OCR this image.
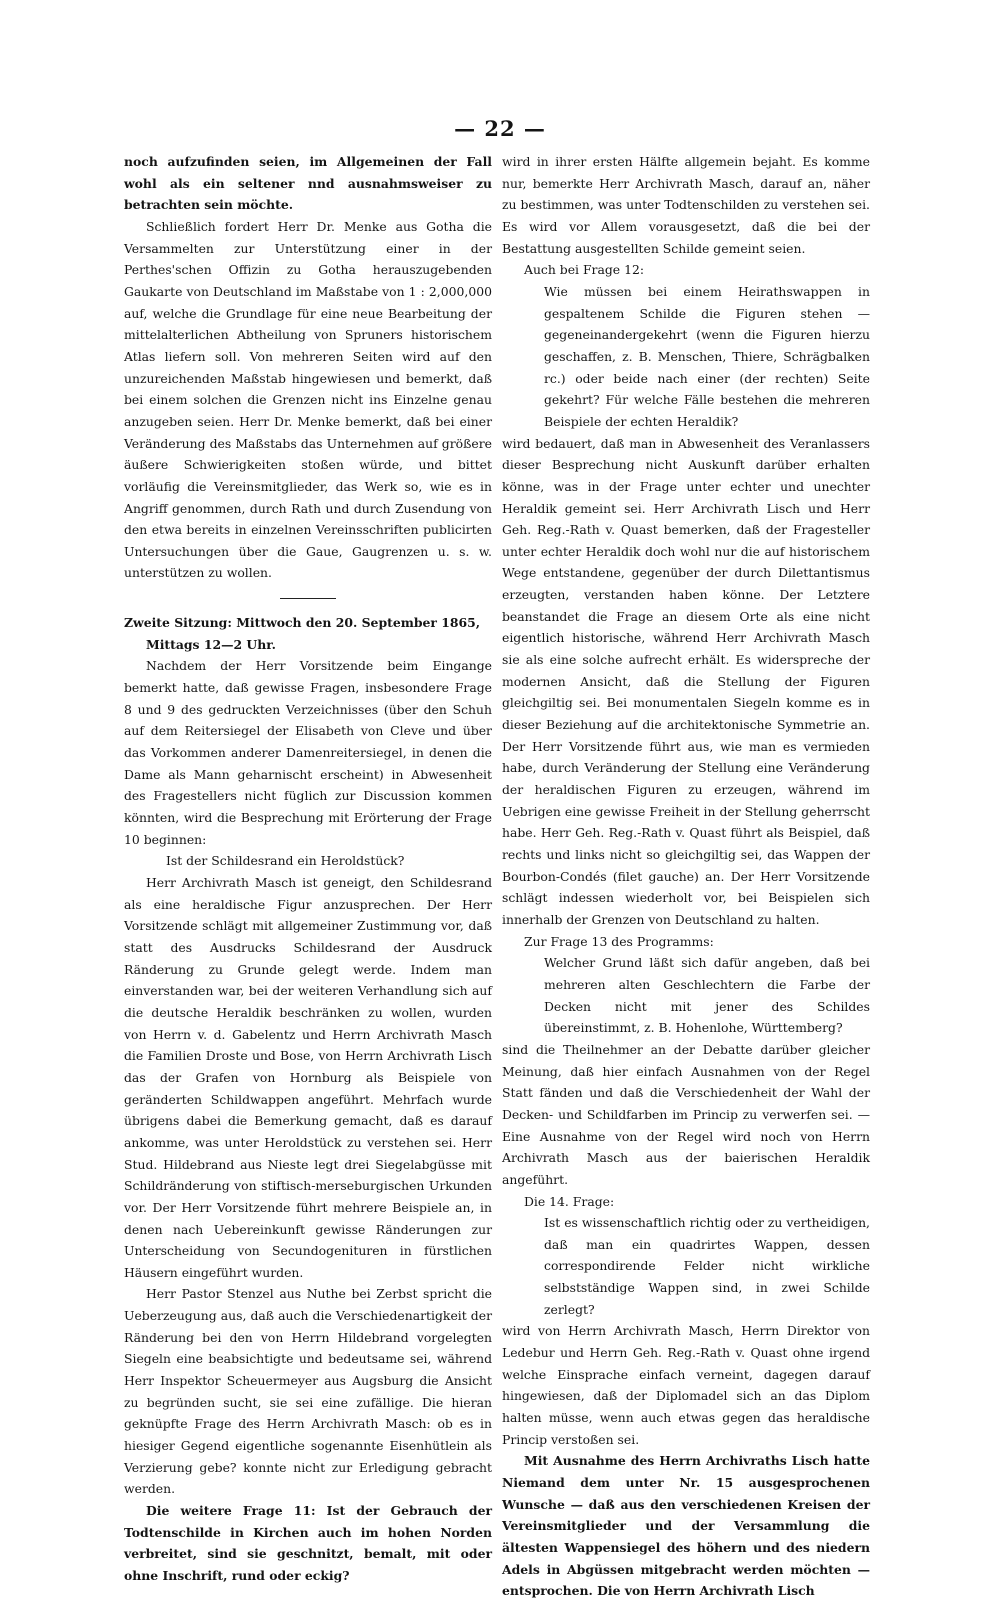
— 22 —

noch aufzufinden seien, im Allgemeinen der Fall wohl als ein seltener nnd ausnahmsweiser zu betrachten sein möchte.

Schließlich fordert Herr Dr. Menke aus Gotha die Versammelten zur Unterstützung einer in der Perthes'schen Offizin zu Gotha herauszugebenden Gaukarte von Deutschland im Maßstabe von 1 : 2,000,000 auf, welche die Grundlage für eine neue Bearbeitung der mittelalterlichen Abtheilung von Spruners historischem Atlas liefern soll. Von mehreren Seiten wird auf den unzureichenden Maßstab hingewiesen und bemerkt, daß bei einem solchen die Grenzen nicht ins Einzelne genau anzugeben seien. Herr Dr. Menke bemerkt, daß bei einer Veränderung des Maßstabs das Unternehmen auf größere äußere Schwierigkeiten stoßen würde, und bittet vorläufig die Vereinsmitglieder, das Werk so, wie es in Angriff genommen, durch Rath und durch Zusendung von den etwa bereits in einzelnen Vereinsschriften publicirten Untersuchungen über die Gaue, Gaugrenzen u. s. w. unterstützen zu wollen.

Zweite Sitzung: Mittwoch den 20. September 1865,

Mittags 12—2 Uhr.

Nachdem der Herr Vorsitzende beim Eingange bemerkt hatte, daß gewisse Fragen, insbesondere Frage 8 und 9 des gedruckten Verzeichnisses (über den Schuh auf dem Reitersiegel der Elisabeth von Cleve und über das Vorkommen anderer Damenreitersiegel, in denen die Dame als Mann geharnischt erscheint) in Abwesenheit des Fragestellers nicht füglich zur Discussion kommen könnten, wird die Besprechung mit Erörterung der Frage 10 beginnen:

Ist der Schildesrand ein Heroldstück?

Herr Archivrath Masch ist geneigt, den Schildesrand als eine heraldische Figur anzusprechen. Der Herr Vorsitzende schlägt mit allgemeiner Zustimmung vor, daß statt des Ausdrucks Schildesrand der Ausdruck Ränderung zu Grunde gelegt werde. Indem man einverstanden war, bei der weiteren Verhandlung sich auf die deutsche Heraldik beschränken zu wollen, wurden von Herrn v. d. Gabelentz und Herrn Archivrath Masch die Familien Droste und Bose, von Herrn Archivrath Lisch das der Grafen von Hornburg als Beispiele von geränderten Schildwappen angeführt. Mehrfach wurde übrigens dabei die Bemerkung gemacht, daß es darauf ankomme, was unter Heroldstück zu verstehen sei. Herr Stud. Hildebrand aus Nieste legt drei Siegelabgüsse mit Schildränderung von stiftisch-merseburgischen Urkunden vor. Der Herr Vorsitzende führt mehrere Beispiele an, in denen nach Uebereinkunft gewisse Ränderungen zur Unterscheidung von Secundogenituren in fürstlichen Häusern eingeführt wurden.

Herr Pastor Stenzel aus Nuthe bei Zerbst spricht die Ueberzeugung aus, daß auch die Verschiedenartigkeit der Ränderung bei den von Herrn Hildebrand vorgelegten Siegeln eine beabsichtigte und bedeutsame sei, während Herr Inspektor Scheuermeyer aus Augsburg die Ansicht zu begründen sucht, sie sei eine zufällige. Die hieran geknüpfte Frage des Herrn Archivrath Masch: ob es in hiesiger Gegend eigentliche sogenannte Eisenhütlein als Verzierung gebe? konnte nicht zur Erledigung gebracht werden.

Die weitere Frage 11: Ist der Gebrauch der Todtenschilde in Kirchen auch im hohen Norden verbreitet, sind sie geschnitzt, bemalt, mit oder ohne Inschrift, rund oder eckig?

wird in ihrer ersten Hälfte allgemein bejaht. Es komme nur, bemerkte Herr Archivrath Masch, darauf an, näher zu bestimmen, was unter Todtenschilden zu verstehen sei. Es wird vor Allem vorausgesetzt, daß die bei der Bestattung ausgestellten Schilde gemeint seien.

Auch bei Frage 12:

Wie müssen bei einem Heirathswappen in gespaltenem Schilde die Figuren stehen — gegeneinandergekehrt (wenn die Figuren hierzu geschaffen, z. B. Menschen, Thiere, Schrägbalken rc.) oder beide nach einer (der rechten) Seite gekehrt? Für welche Fälle bestehen die mehreren Beispiele der echten Heraldik?

wird bedauert, daß man in Abwesenheit des Veranlassers dieser Besprechung nicht Auskunft darüber erhalten könne, was in der Frage unter echter und unechter Heraldik gemeint sei. Herr Archivrath Lisch und Herr Geh. Reg.-Rath v. Quast bemerken, daß der Fragesteller unter echter Heraldik doch wohl nur die auf historischem Wege entstandene, gegenüber der durch Dilettantismus erzeugten, verstanden haben könne. Der Letztere beanstandet die Frage an diesem Orte als eine nicht eigentlich historische, während Herr Archivrath Masch sie als eine solche aufrecht erhält. Es widerspreche der modernen Ansicht, daß die Stellung der Figuren gleichgiltig sei. Bei monumentalen Siegeln komme es in dieser Beziehung auf die architektonische Symmetrie an. Der Herr Vorsitzende führt aus, wie man es vermieden habe, durch Veränderung der Stellung eine Veränderung der heraldischen Figuren zu erzeugen, während im Uebrigen eine gewisse Freiheit in der Stellung geherrscht habe. Herr Geh. Reg.-Rath v. Quast führt als Beispiel, daß rechts und links nicht so gleichgiltig sei, das Wappen der Bourbon-Condés (filet gauche) an. Der Herr Vorsitzende schlägt indessen wiederholt vor, bei Beispielen sich innerhalb der Grenzen von Deutschland zu halten.

Zur Frage 13 des Programms:

Welcher Grund läßt sich dafür angeben, daß bei mehreren alten Geschlechtern die Farbe der Decken nicht mit jener des Schildes übereinstimmt, z. B. Hohenlohe, Württemberg?

sind die Theilnehmer an der Debatte darüber gleicher Meinung, daß hier einfach Ausnahmen von der Regel Statt fänden und daß die Verschiedenheit der Wahl der Decken- und Schildfarben im Princip zu verwerfen sei. — Eine Ausnahme von der Regel wird noch von Herrn Archivrath Masch aus der baierischen Heraldik angeführt.

Die 14. Frage:

Ist es wissenschaftlich richtig oder zu vertheidigen, daß man ein quadrirtes Wappen, dessen correspondirende Felder nicht wirkliche selbstständige Wappen sind, in zwei Schilde zerlegt?

wird von Herrn Archivrath Masch, Herrn Direktor von Ledebur und Herrn Geh. Reg.-Rath v. Quast ohne irgend welche Einsprache einfach verneint, dagegen darauf hingewiesen, daß der Diplomadel sich an das Diplom halten müsse, wenn auch etwas gegen das heraldische Princip verstoßen sei.

Mit Ausnahme des Herrn Archivraths Lisch hatte Niemand dem unter Nr. 15 ausgesprochenen Wunsche — daß aus den verschiedenen Kreisen der Vereinsmitglieder und der Versammlung die ältesten Wappensiegel des höhern und des niedern Adels in Abgüssen mitgebracht werden möchten — entsprochen. Die von Herrn Archivrath Lisch
